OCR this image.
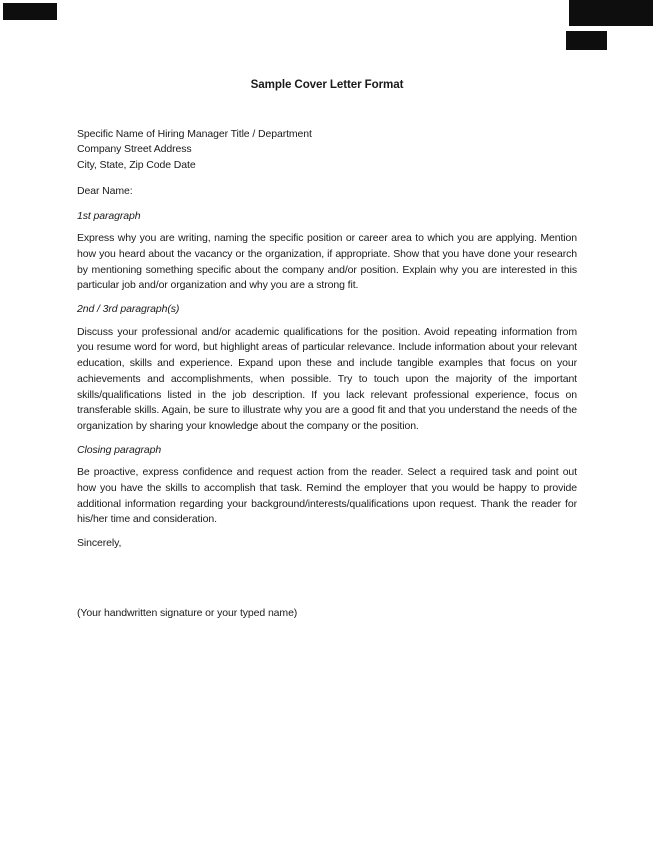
Sample Cover Letter Format

Specific Name of Hiring Manager Title / Department

Company Street Address

City, State, Zip Code Date

Dear Name:

1st paragraph

Express why you are writing, naming the specific position or career area to which you are applying. Mention how you heard about the vacancy or the organization, if appropriate. Show that you have done your research by mentioning something specific about the company and/or position. Explain why you are interested in this particular job and/or organization and why you are a strong fit.

2nd / 3rd paragraph(s)

Discuss your professional and/or academic qualifications for the position. Avoid repeating information from you resume word for word, but highlight areas of particular relevance. Include information about your relevant education, skills and experience. Expand upon these and include tangible examples that focus on your achievements and accomplishments, when possible. Try to touch upon the majority of the important skills/qualifications listed in the job description. If you lack relevant professional experience, focus on transferable skills. Again, be sure to illustrate why you are a good fit and that you understand the needs of the organization by sharing your knowledge about the company or the position.

Closing paragraph

Be proactive, express confidence and request action from the reader. Select a required task and point out how you have the skills to accomplish that task. Remind the employer that you would be happy to provide additional information regarding your background/interests/qualifications upon request. Thank the reader for his/her time and consideration.

Sincerely,

(Your handwritten signature or your typed name)
